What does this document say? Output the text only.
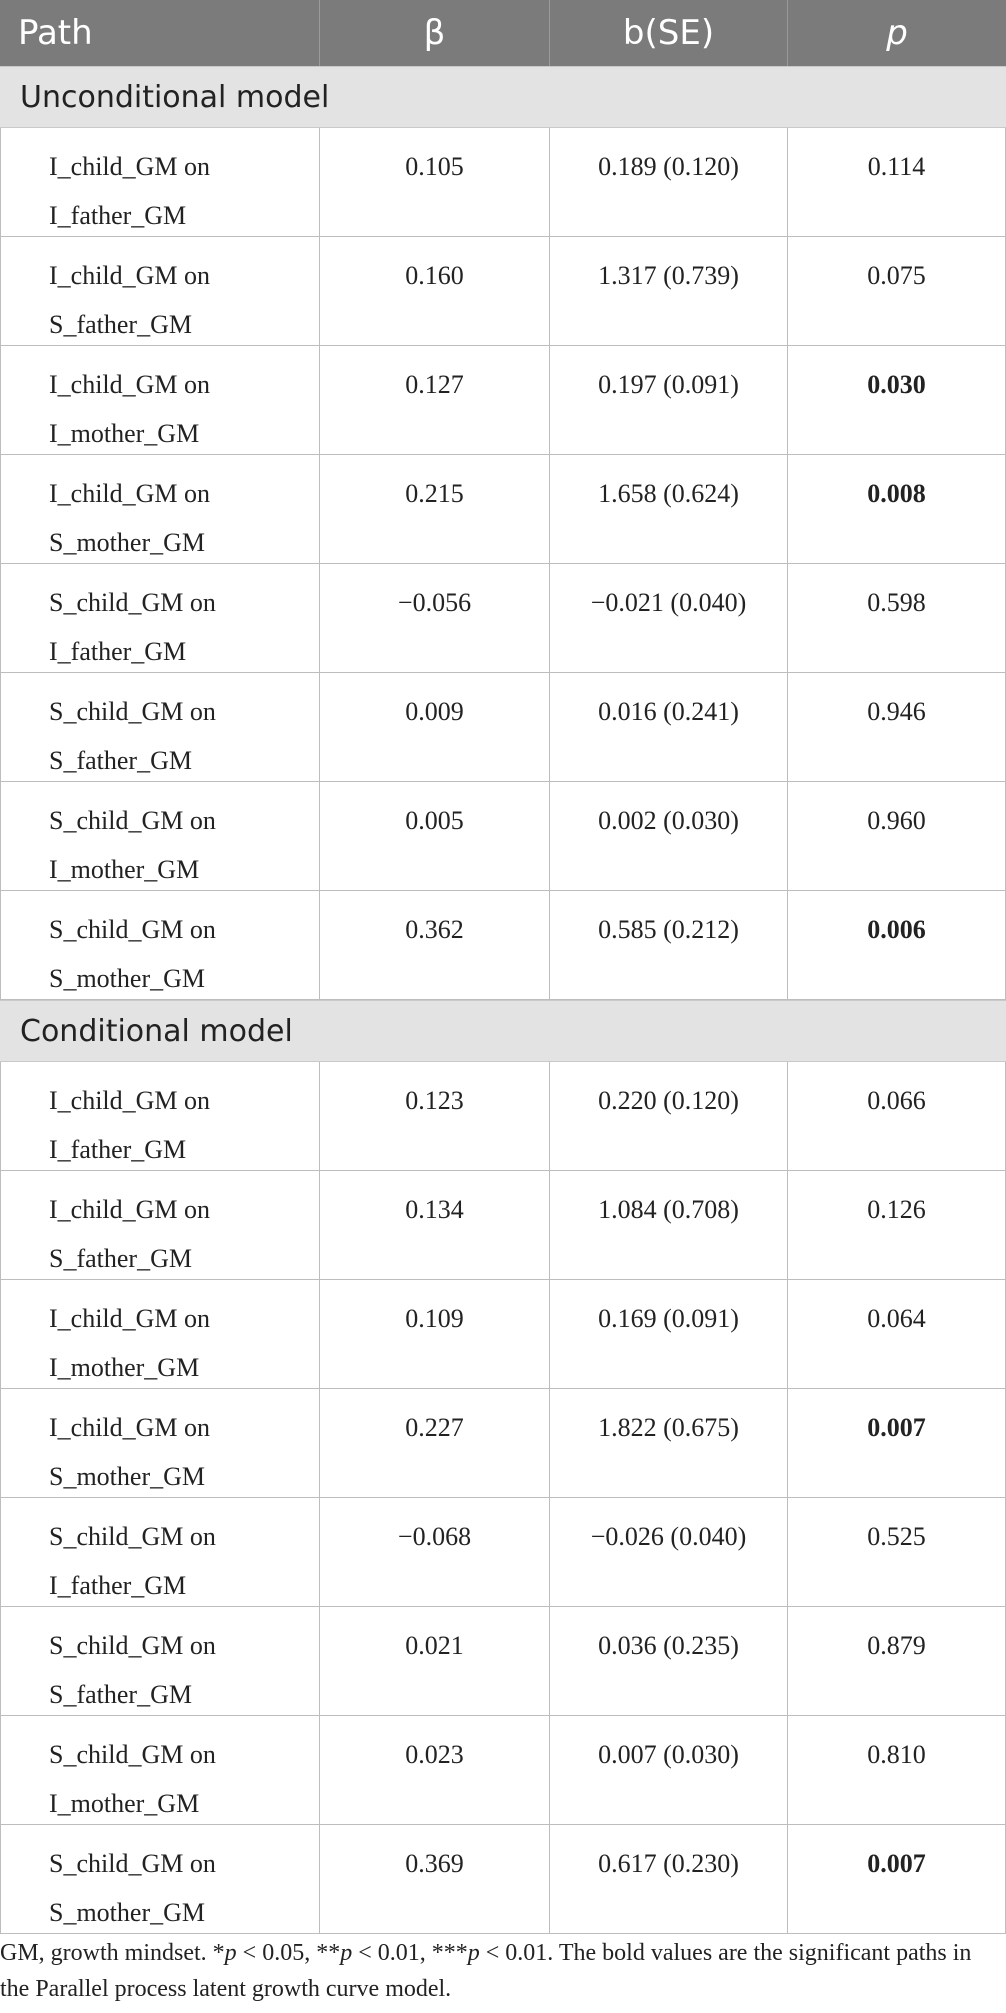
Path	β	b(SE)	p
Unconditional model
I_child_GM on
I_father_GM
0.105	0.189 (0.120)	0.114
I_child_GM on
S_father_GM
0.160	1.317 (0.739)	0.075
I_child_GM on
I_mother_GM
0.127	0.197 (0.091)	0.030
I_child_GM on
S_mother_GM
0.215	1.658 (0.624)	0.008
S_child_GM on
I_father_GM
−0.056	−0.021 (0.040)	0.598
S_child_GM on
S_father_GM
0.009	0.016 (0.241)	0.946
S_child_GM on
I_mother_GM
0.005	0.002 (0.030)	0.960
S_child_GM on
S_mother_GM
0.362	0.585 (0.212)	0.006
Conditional model
I_child_GM on
I_father_GM
0.123	0.220 (0.120)	0.066
I_child_GM on
S_father_GM
0.134	1.084 (0.708)	0.126
I_child_GM on
I_mother_GM
0.109	0.169 (0.091)	0.064
I_child_GM on
S_mother_GM
0.227	1.822 (0.675)	0.007
S_child_GM on
I_father_GM
−0.068	−0.026 (0.040)	0.525
S_child_GM on
S_father_GM
0.021	0.036 (0.235)	0.879
S_child_GM on
I_mother_GM
0.023	0.007 (0.030)	0.810
S_child_GM on
S_mother_GM
0.369	0.617 (0.230)	0.007
GM, growth mindset. *p < 0.05, **p < 0.01, ***p < 0.01. The bold values are the significant paths in the Parallel process latent growth curve model.
